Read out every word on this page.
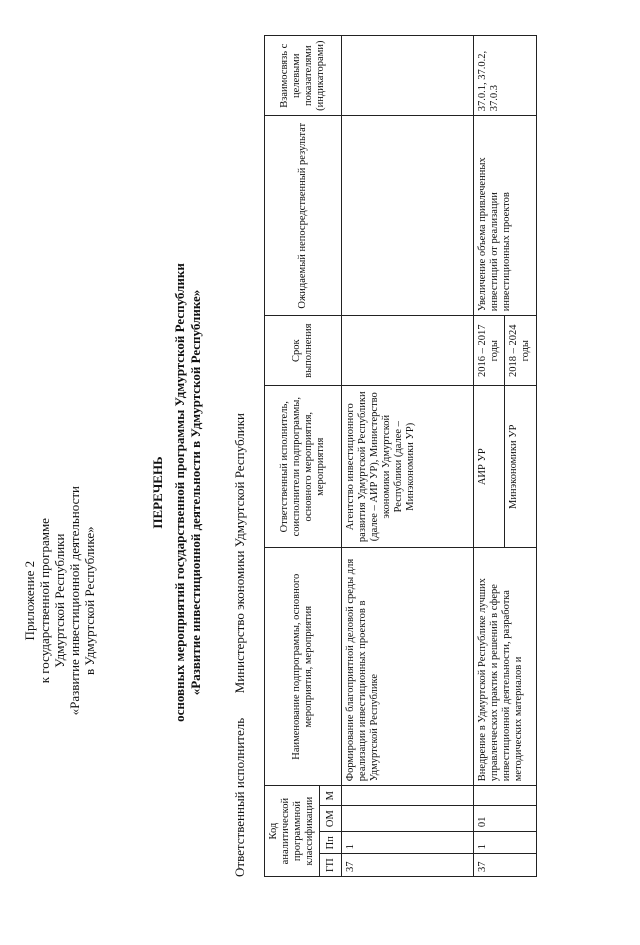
Приложение 2 к государственной программе Удмуртской Республики «Развитие инвестиционной деятельности в Удмуртской Республике»
ПЕРЕЧЕНЬ основных мероприятий государственной программы Удмуртской Республики «Развитие инвестиционной деятельности в Удмуртской Республике»
Ответственный исполнитель  Министерство экономики Удмуртской Республики
Код аналитической программной классификации				Наименование подпрограммы, основного мероприятия, мероприятия	Ответственный исполнитель, соисполнители подпрограммы, основного мероприятия, мероприятия	Срок выполнения	Ожидаемый непосредственный результат	Взаимосвязь с целевыми показателями (индикаторами)
ГП	Пп	ОМ	М					
37	1			Формирование благоприятной деловой среды для реализации инвестиционных проектов в Удмуртской Республике	Агентство инвестиционного развития Удмуртской Республики (далее – АИР УР), Министерство экономики Удмуртской Республики (далее – Минэкономики УР)			
37	1	01		Внедрение в Удмуртской Республике лучших управленческих практик и решений в сфере инвестиционной деятельности, разработка методических материалов и	АИР УР	2016 – 2017 годы	Увеличение объема привлеченных инвестиций от реализации инвестиционных проектов	37.0.1, 37.0.2, 37.0.3
					Минэкономики УР	2018 – 2024 годы		
